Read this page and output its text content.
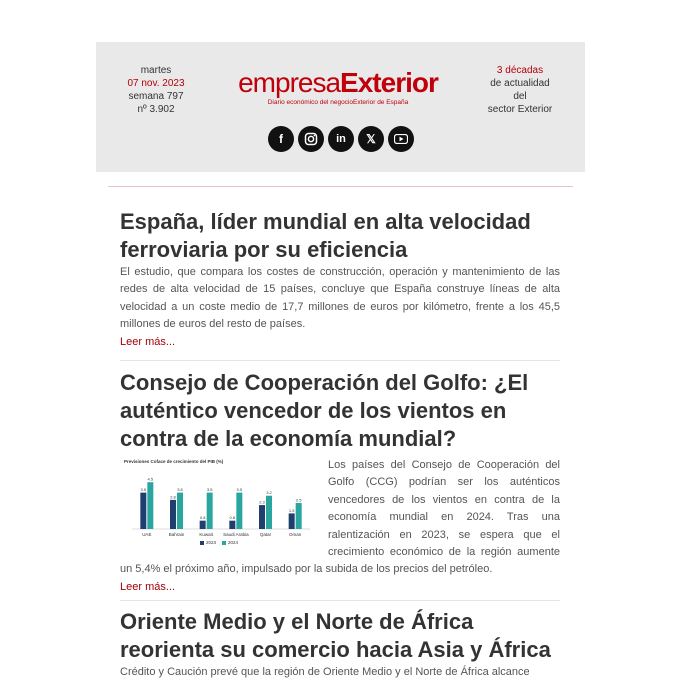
martes
07 nov. 2023
semana 797
nº 3.902
empresaExterior
Diario económico del negocioExterior de España
f	in	𝕏
3 décadas
de actualidad
del
sector Exterior
España, líder mundial en alta velocidad ferroviaria por su eficiencia

El estudio, que compara los costes de construcción, operación y mantenimiento de las redes de alta velocidad de 15 países, concluye que España construye líneas de alta velocidad a un coste medio de 17,7 millones de euros por kilómetro, frente a los 45,5 millones de euros del resto de países.

Leer más...
Consejo de Cooperación del Golfo: ¿El auténtico vencedor de los vientos en contra de la economía mundial?
Previsiones Coface de crecimiento del PIB (%)
3.5
4.5
UAE
2.8
3.5
Bahrain
0.8
3.5
Kuwait
0.8
3.5
Saudi Arabia
2.3
3.2
Qatar
1.5
2.5
Oman
2023	2024

Los países del Consejo de Cooperación del Golfo (CCG) podrían ser los auténticos vencedores de los vientos en contra de la economía mundial en 2024. Tras una ralentización en 2023, se espera que el crecimiento económico de la región aumente un 5,4% el próximo año, impulsado por la subida de los precios del petróleo.

Leer más...
Oriente Medio y el Norte de África reorienta su comercio hacia Asia y África

Crédito y Caución prevé que la región de Oriente Medio y el Norte de África alcance
